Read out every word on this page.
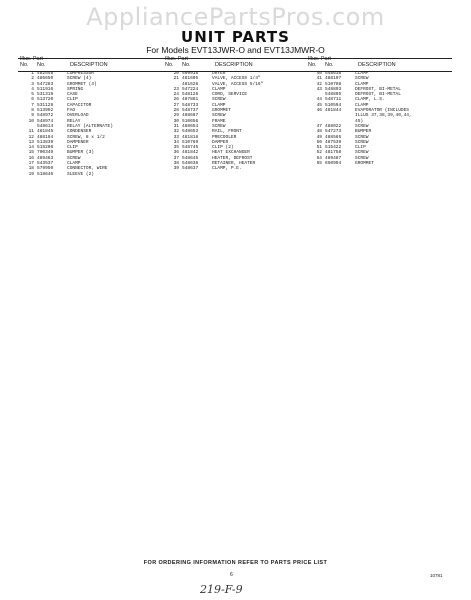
AppliancePartsPros.com
UNIT PARTS
For Models EVT13JWR-O and EVT13JMWR-O
Illus. Part
No. No.	DESCRIPTION
1 482548	COMPRESSOR
2 486650	SCREW (4)
3 547283	GROMMET (4)
4 511916	SPRING
5 531319	CASE
6 513720	CLIP
7 531129	CAPACITOR
8 513992	FAO
9 548972	OVERLOAD
10 548974	RELAY
548614	RELAY (ALTERNATE)
11 481845	CONDENSER
12 488194	SCREW, 8 x 1/2
13 513839	DAMPENER
14 515208	CLIP
15 700349	BUMPER (3)
16 489463	SCREW
17 543537	CLAMP
18 579950	CONNECTOR, WIRE
19 518646	SLEEVE (2)
Illus. Part
No. No.	DESCRIPTION
20 509918	DRYER
21 481605	VALVE, ACCESS 1/4"
481626	VALVE, ACCESS 5/16"
23 547224	CLAMP
24 548126	CORD, SERVICE
26 487881	SCREW
27 548733	CLAMP
28 548737	GROMMET
29 488667	SCREW
30 510656	FRAME
31 488654	SCREW
32 548653	RAIL, FRONT
33 481818	PRECOOLER
34 510769	DAMPER
35 548745	CLIP (2)
36 481842	HEAT EXCHANGER
37 548645	HEATER, DEFROST
38 548636	RETAINER, HEATER
39 548637	CLAMP, P.E.
Illus. Part
No. No.	DESCRIPTION
40 548638	CLAMP
41 488197	SCREW
42 510798	CLAMP
43 548893	DEFROST, BI-METAL
548895	DEFROST, BI-METAL
44 548711	CLAMP, L.S.
45 510594	CLAMP
46 481844	EVAPORATOR (INCLUDES
ILLUS 37,38,39,40,44,
45)
47 488022	SCREW
48 547273	BUMPER
49 488565	SCREW
50 487539	SCREW
51 515422	CLIP
52 481758	SCREW
54 489487	SCREW
55 650994	GROMMET
FOR ORDERING INFORMATION REFER TO PARTS PRICE LIST
6	10781
219-F-9
